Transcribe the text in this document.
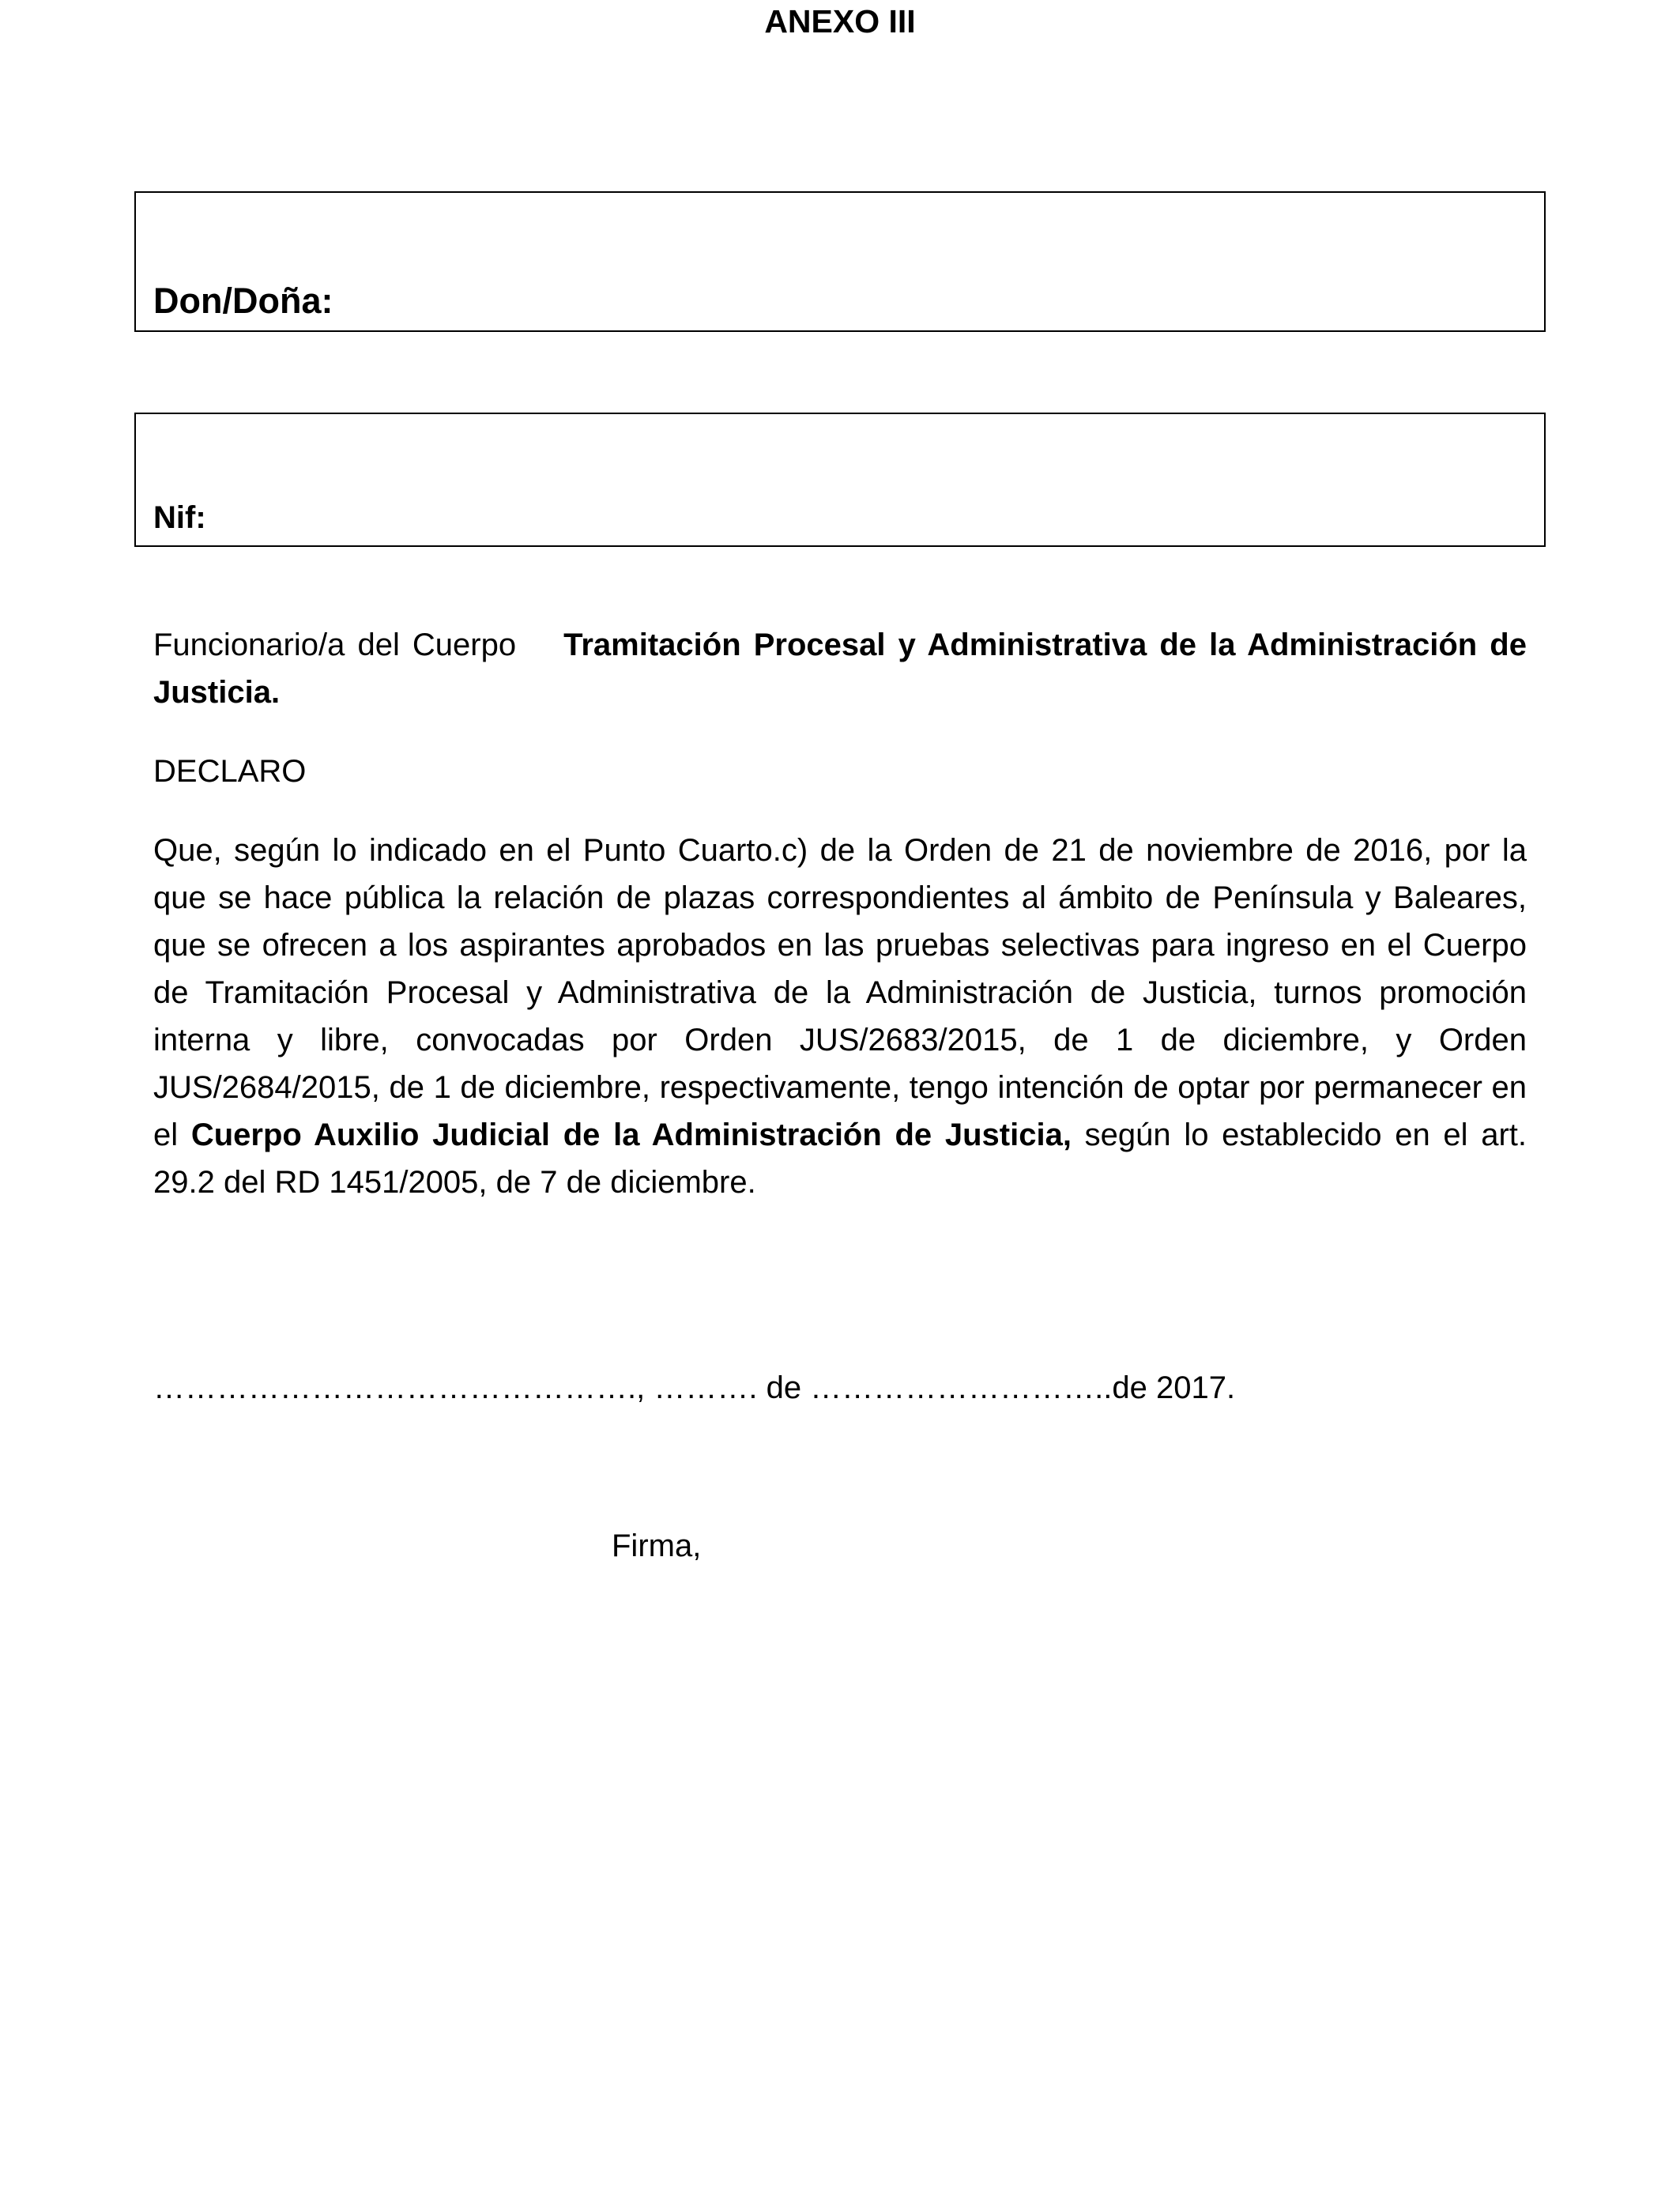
ANEXO III
Don/Doña:
Nif:
Funcionario/a del Cuerpo Tramitación Procesal y Administrativa de la Administración de Justicia.
DECLARO
Que, según lo indicado en el Punto Cuarto.c) de la Orden de 21 de noviembre de 2016, por la que se hace pública la relación de plazas correspondientes al ámbito de Península y Baleares, que se ofrecen a los aspirantes aprobados en las pruebas selectivas para ingreso en el Cuerpo de Tramitación Procesal y Administrativa de la Administración de Justicia, turnos promoción interna y libre, convocadas por Orden JUS/2683/2015, de 1 de diciembre, y Orden JUS/2684/2015, de 1 de diciembre, respectivamente, tengo intención de optar por permanecer en el Cuerpo Auxilio Judicial de la Administración de Justicia, según lo establecido en el art. 29.2 del RD 1451/2005, de 7 de diciembre.
………………………………………., ………. de ………………………..de 2017.
Firma,
